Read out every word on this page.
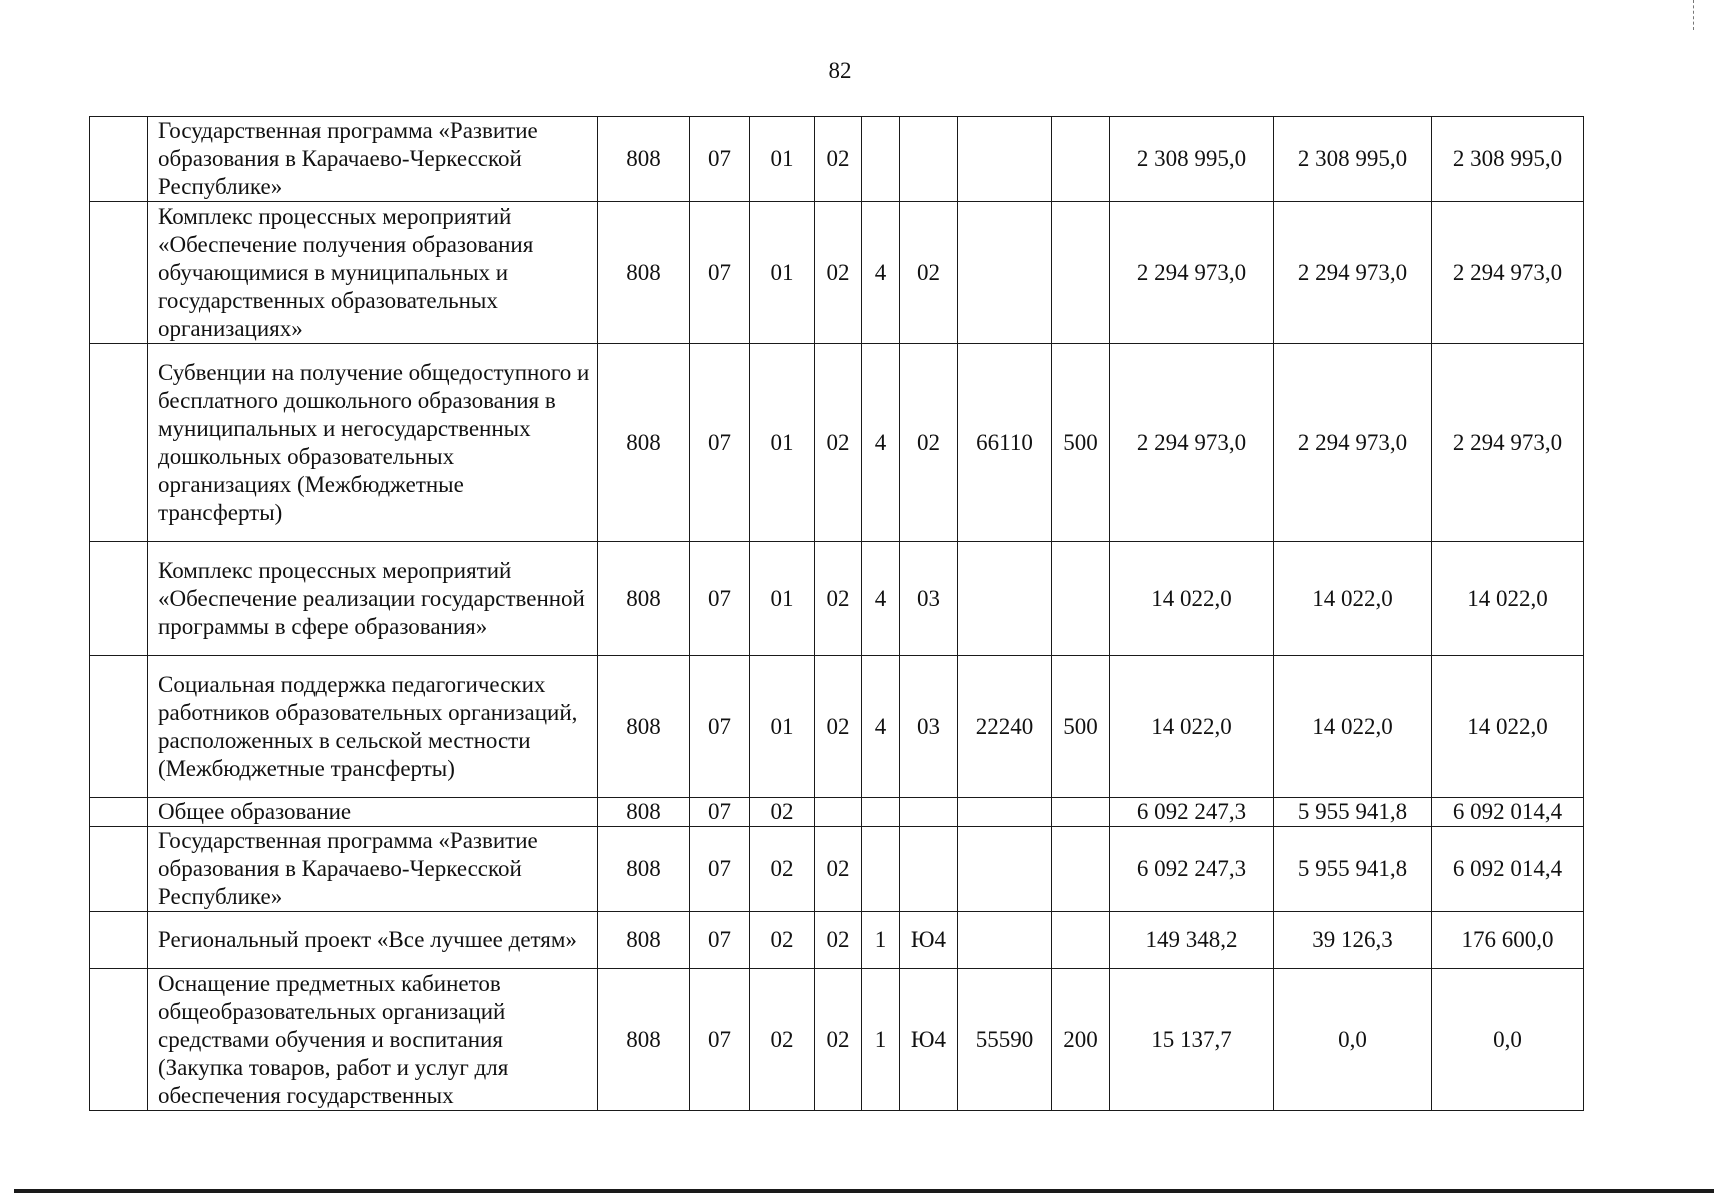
82
	Государственная программа «Развитие образования в Карачаево-Черкесской Республике»	808	07	01	02					2 308 995,0	2 308 995,0	2 308 995,0
	Комплекс процессных мероприятий «Обеспечение получения образования обучающимися в муниципальных и государственных образовательных организациях»	808	07	01	02	4	02			2 294 973,0	2 294 973,0	2 294 973,0
	Субвенции на получение общедоступного и бесплатного дошкольного образования в муниципальных и негосударственных дошкольных образовательных организациях (Межбюджетные трансферты)	808	07	01	02	4	02	66110	500	2 294 973,0	2 294 973,0	2 294 973,0
	Комплекс процессных мероприятий «Обеспечение реализации государственной программы в сфере образования»	808	07	01	02	4	03			14 022,0	14 022,0	14 022,0
	Социальная поддержка педагогических работников образовательных организаций, расположенных в сельской местности (Межбюджетные трансферты)	808	07	01	02	4	03	22240	500	14 022,0	14 022,0	14 022,0
	Общее образование	808	07	02						6 092 247,3	5 955 941,8	6 092 014,4
	Государственная программа «Развитие образования в Карачаево-Черкесской Республике»	808	07	02	02					6 092 247,3	5 955 941,8	6 092 014,4
	Региональный проект «Все лучшее детям»	808	07	02	02	1	Ю4			149 348,2	39 126,3	176 600,0
	Оснащение предметных кабинетов общеобразовательных организаций средствами обучения и воспитания (Закупка товаров, работ и услуг для обеспечения государственных	808	07	02	02	1	Ю4	55590	200	15 137,7	0,0	0,0
